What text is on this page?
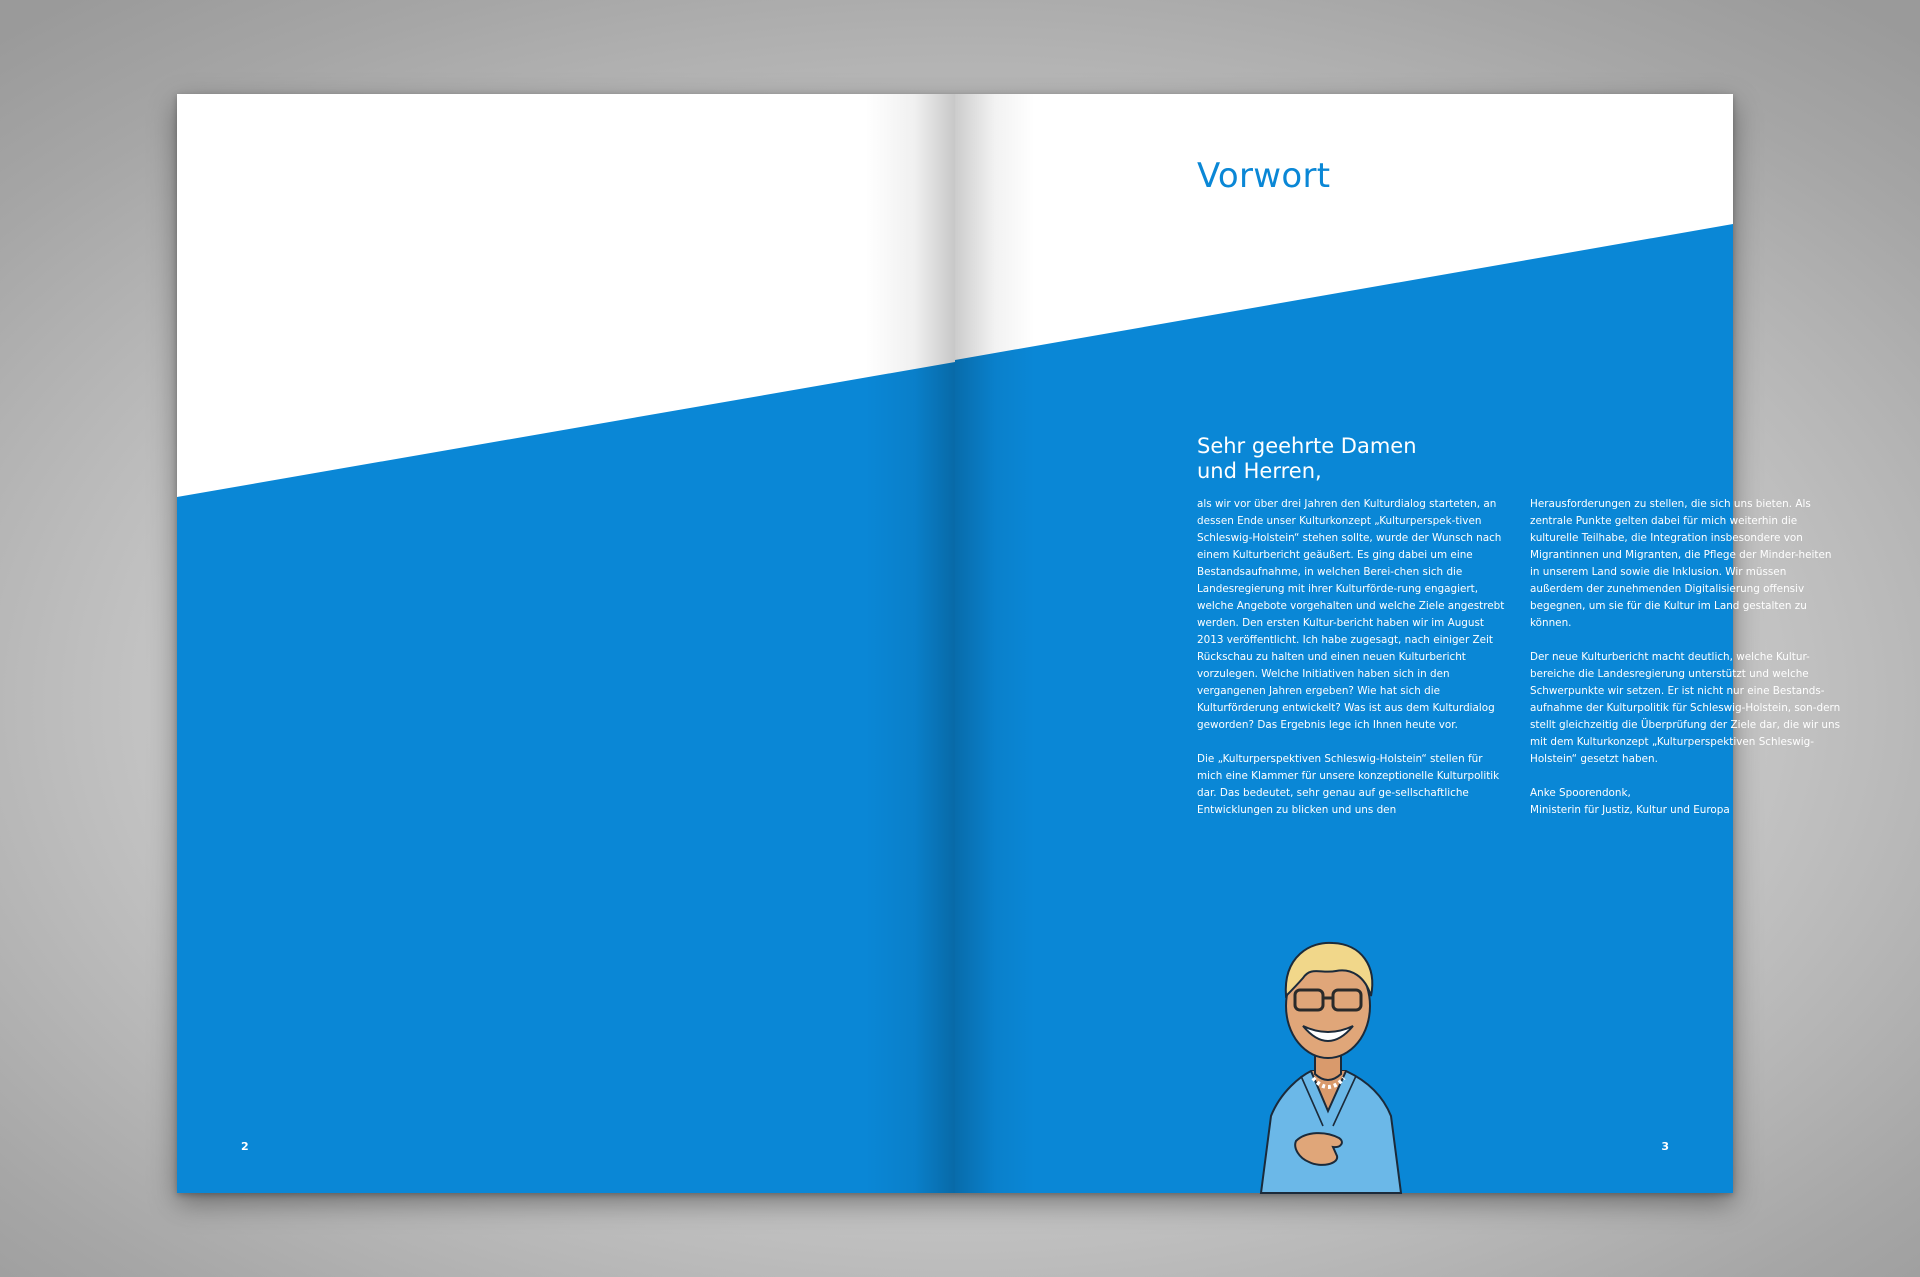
2
Vorwort
Sehr geehrte Damen
und Herren,

als wir vor über drei Jahren den Kulturdialog starteten, an dessen Ende unser Kulturkonzept „Kulturperspek-tiven Schleswig-Holstein“ stehen sollte, wurde der Wunsch nach einem Kulturbericht geäußert. Es ging dabei um eine Bestandsaufnahme, in welchen Berei-chen sich die Landesregierung mit ihrer Kulturförde-rung engagiert, welche Angebote vorgehalten und welche Ziele angestrebt werden. Den ersten Kultur-bericht haben wir im August 2013 veröffentlicht. Ich habe zugesagt, nach einiger Zeit Rückschau zu halten und einen neuen Kulturbericht vorzulegen. Welche Initiativen haben sich in den vergangenen Jahren ergeben? Wie hat sich die Kulturförderung entwickelt? Was ist aus dem Kulturdialog geworden? Das Ergebnis lege ich Ihnen heute vor.

Die „Kulturperspektiven Schleswig-Holstein“ stellen für mich eine Klammer für unsere konzeptionelle Kulturpolitik dar. Das bedeutet, sehr genau auf ge-sellschaftliche Entwicklungen zu blicken und uns den

Herausforderungen zu stellen, die sich uns bieten. Als zentrale Punkte gelten dabei für mich weiterhin die kulturelle Teilhabe, die Integration insbesondere von Migrantinnen und Migranten, die Pflege der Minder-heiten in unserem Land sowie die Inklusion. Wir müssen außerdem der zunehmenden Digitalisierung offensiv begegnen, um sie für die Kultur im Land gestalten zu können.

Der neue Kulturbericht macht deutlich, welche Kultur-bereiche die Landesregierung unterstützt und welche Schwerpunkte wir setzen. Er ist nicht nur eine Bestands-aufnahme der Kulturpolitik für Schleswig-Holstein, son-dern stellt gleichzeitig die Überprüfung der Ziele dar, die wir uns mit dem Kulturkonzept „Kulturperspektiven Schleswig-Holstein“ gesetzt haben.

Anke Spoorendonk,
Ministerin für Justiz, Kultur und Europa

3
